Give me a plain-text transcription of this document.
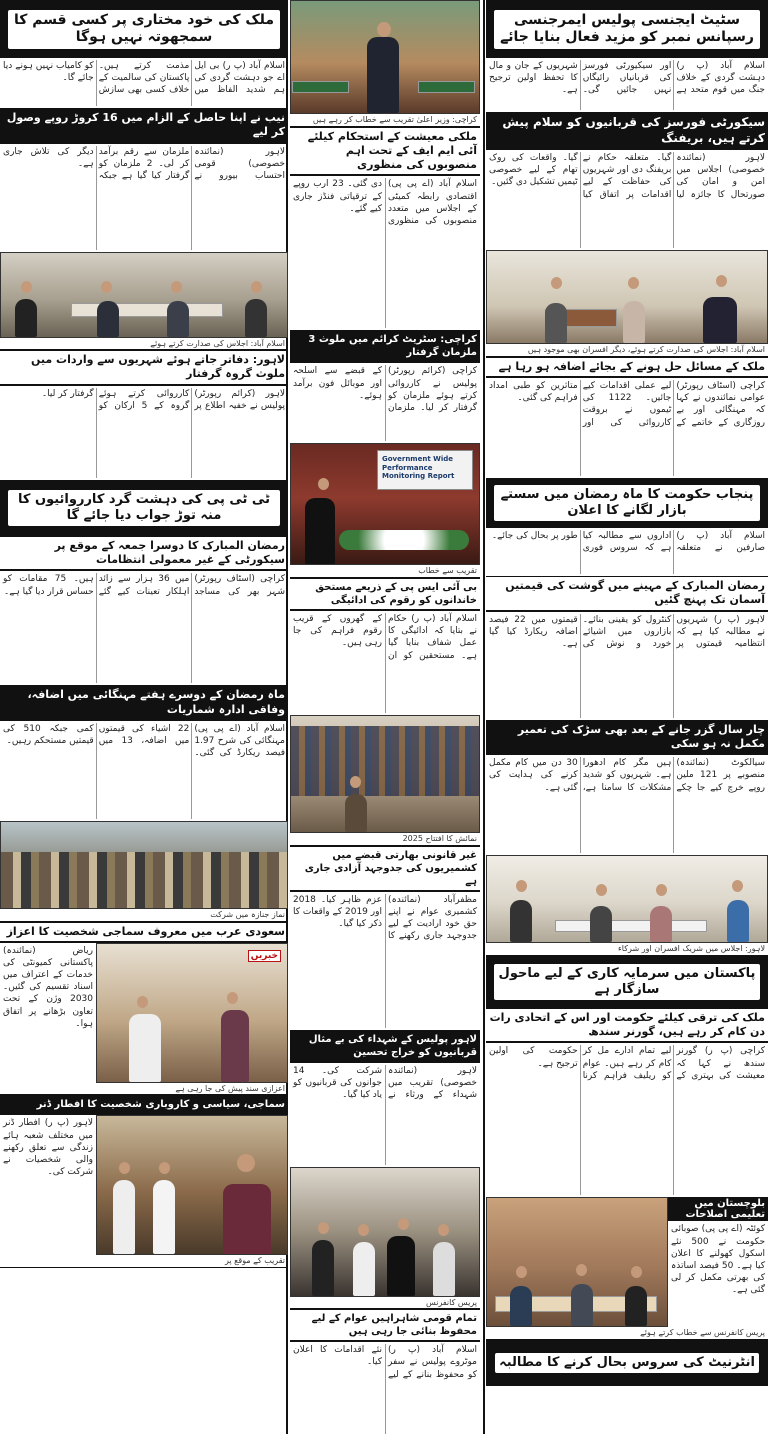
سٹیٹ ایجنسی پولیس ایمرجنسی رسپانس نمبر کو مزید فعال بنایا جائے
اسلام آباد (پ ر) دہشت گردی کے خلاف جنگ میں قوم متحد ہے اور سیکیورٹی فورسز کی قربانیاں رائیگاں نہیں جائیں گی۔ شہریوں کے جان و مال کا تحفظ اولین ترجیح ہے۔
سیکورٹی فورسز کی قربانیوں کو سلام پیش کرتے ہیں، بریفنگ
لاہور (نمائندہ خصوصی) اجلاس میں امن و امان کی صورتحال کا جائزہ لیا گیا۔ متعلقہ حکام نے بریفنگ دی اور شہریوں کی حفاظت کے لیے اقدامات پر اتفاق کیا گیا۔ واقعات کی روک تھام کے لیے خصوصی ٹیمیں تشکیل دی گئیں۔
اسلام آباد: اجلاس کی صدارت کرتے ہوئے، دیگر افسران بھی موجود ہیں
ملک کے مسائل حل ہونے کے بجائے اضافہ ہو رہا ہے
کراچی (اسٹاف رپورٹر) عوامی نمائندوں نے کہا کہ مہنگائی اور بے روزگاری کے خاتمے کے لیے عملی اقدامات کیے جائیں۔ 1122 کی ٹیموں نے بروقت کارروائی کی اور متاثرین کو طبی امداد فراہم کی گئی۔
پنجاب حکومت کا ماہ رمضان میں سستے بازار لگانے کا اعلان
اسلام آباد (پ ر) صارفین نے متعلقہ اداروں سے مطالبہ کیا ہے کہ سروس فوری طور پر بحال کی جائے۔
رمضان المبارک کے مہینے میں گوشت کی قیمتیں آسمان تک پہنچ گئیں
لاہور (پ ر) شہریوں نے مطالبہ کیا ہے کہ انتظامیہ قیمتوں پر کنٹرول کو یقینی بنائے۔ بازاروں میں اشیائے خورد و نوش کی قیمتوں میں 22 فیصد اضافہ ریکارڈ کیا گیا ہے۔
چار سال گزر جانے کے بعد بھی سڑک کی تعمیر مکمل نہ ہو سکی
سیالکوٹ (نمائندہ) منصوبے پر 121 ملین روپے خرچ کیے جا چکے ہیں مگر کام ادھورا ہے۔ شہریوں کو شدید مشکلات کا سامنا ہے، 30 دن میں کام مکمل کرنے کی ہدایت کی گئی ہے۔
لاہور: اجلاس میں شریک افسران اور شرکاء
پاکستان میں سرمایہ کاری کے لیے ماحول سازگار ہے
ملک کی ترقی کیلئے حکومت اور اس کے اتحادی رات دن کام کر رہے ہیں، گورنر سندھ
کراچی (پ ر) گورنر سندھ نے کہا کہ معیشت کی بہتری کے لیے تمام ادارے مل کر کام کر رہے ہیں۔ عوام کو ریلیف فراہم کرنا حکومت کی اولین ترجیح ہے۔
بلوچستان میں تعلیمی اصلاحات
کوئٹہ (اے پی پی) صوبائی حکومت نے 500 نئے اسکول کھولنے کا اعلان کیا ہے۔ 50 فیصد اساتذہ کی بھرتی مکمل کر لی گئی ہے۔
پریس کانفرنس سے خطاب کرتے ہوئے
انٹرنیٹ کی سروس بحال کرنے کا مطالبہ
کراچی: وزیر اعلیٰ تقریب سے خطاب کر رہے ہیں
ملکی معیشت کے استحکام کیلئے آئی ایم ایف کے تحت اہم منصوبوں کی منظوری
اسلام آباد (اے پی پی) اقتصادی رابطہ کمیٹی کے اجلاس میں متعدد منصوبوں کی منظوری دی گئی۔ 23 ارب روپے کے ترقیاتی فنڈز جاری کیے گئے۔
کراچی: سٹریٹ کرائم میں ملوث 3 ملزمان گرفتار
کراچی (کرائم رپورٹر) پولیس نے کارروائی کرتے ہوئے ملزمان کو گرفتار کر لیا۔ ملزمان کے قبضے سے اسلحہ اور موبائل فون برآمد ہوئے۔
Government Wide
Performance Monitoring Report
تقریب سے خطاب
بی آئی ایس پی کے ذریعے مستحق خاندانوں کو رقوم کی ادائیگی
اسلام آباد (پ ر) حکام نے بتایا کہ ادائیگی کا عمل شفاف بنایا گیا ہے۔ مستحقین کو ان کے گھروں کے قریب رقوم فراہم کی جا رہی ہیں۔
نمائش کا افتتاح 2025
غیر قانونی بھارتی قبضے میں کشمیریوں کی جدوجہد آزادی جاری ہے
مظفرآباد (نمائندہ) کشمیری عوام نے اپنے حق خود ارادیت کے لیے جدوجہد جاری رکھنے کا عزم ظاہر کیا۔ 2018 اور 2019 کے واقعات کا ذکر کیا گیا۔
لاہور پولیس کے شہداء کی بے مثال قربانیوں کو خراج تحسین
لاہور (نمائندہ خصوصی) تقریب میں شہداء کے ورثاء نے شرکت کی۔ 14 جوانوں کی قربانیوں کو یاد کیا گیا۔
پریس کانفرنس
تمام قومی شاہراہیں عوام کے لیے محفوظ بنائی جا رہی ہیں
اسلام آباد (پ ر) موٹروے پولیس نے سفر کو محفوظ بنانے کے لیے نئے اقدامات کا اعلان کیا۔
ملک کی خود مختاری پر کسی قسم کا سمجھوتہ نہیں ہوگا
اسلام آباد (پ ر) بی ایل اے جو دہشت گردی کی ہم شدید الفاظ میں مذمت کرتے ہیں۔ پاکستان کی سالمیت کے خلاف کسی بھی سازش کو کامیاب نہیں ہونے دیا جائے گا۔
نیب نے اپنا حاصل کے الزام میں 16 کروڑ روپے وصول کر لیے
لاہور (نمائندہ خصوصی) قومی احتساب بیورو نے ملزمان سے رقم برآمد کر لی۔ 2 ملزمان کو گرفتار کیا گیا ہے جبکہ دیگر کی تلاش جاری ہے۔
اسلام آباد: اجلاس کی صدارت کرتے ہوئے
لاہور: دفاتر جاتے ہوئے شہریوں سے واردات میں ملوث گروہ گرفتار
لاہور (کرائم رپورٹر) پولیس نے خفیہ اطلاع پر کارروائی کرتے ہوئے گروہ کے 5 ارکان کو گرفتار کر لیا۔
ٹی ٹی پی کی دہشت گرد کارروائیوں کا منہ توڑ جواب دیا جائے گا
رمضان المبارک کا دوسرا جمعہ کے موقع پر سیکورٹی کے غیر معمولی انتظامات
کراچی (اسٹاف رپورٹر) شہر بھر کی مساجد میں 36 ہزار سے زائد اہلکار تعینات کیے گئے ہیں۔ 75 مقامات کو حساس قرار دیا گیا ہے۔
ماہ رمضان کے دوسرے ہفتے مہنگائی میں اضافہ، وفاقی ادارہ شماریات
اسلام آباد (اے پی پی) مہنگائی کی شرح 1.97 فیصد ریکارڈ کی گئی۔ 22 اشیاء کی قیمتوں میں اضافہ، 13 میں کمی جبکہ 510 کی قیمتیں مستحکم رہیں۔
نماز جنازہ میں شرکت
سعودی عرب میں معروف سماجی شخصیت کا اعزاز
خبریں
ریاض (نمائندہ) پاکستانی کمیونٹی کی خدمات کے اعتراف میں اسناد تقسیم کی گئیں۔ 2030 وژن کے تحت تعاون بڑھانے پر اتفاق ہوا۔
اعزازی سند پیش کی جا رہی ہے
سماجی، سیاسی و کاروباری شخصیت کا افطار ڈنر
لاہور (پ ر) افطار ڈنر میں مختلف شعبہ ہائے زندگی سے تعلق رکھنے والی شخصیات نے شرکت کی۔
تقریب کے موقع پر
